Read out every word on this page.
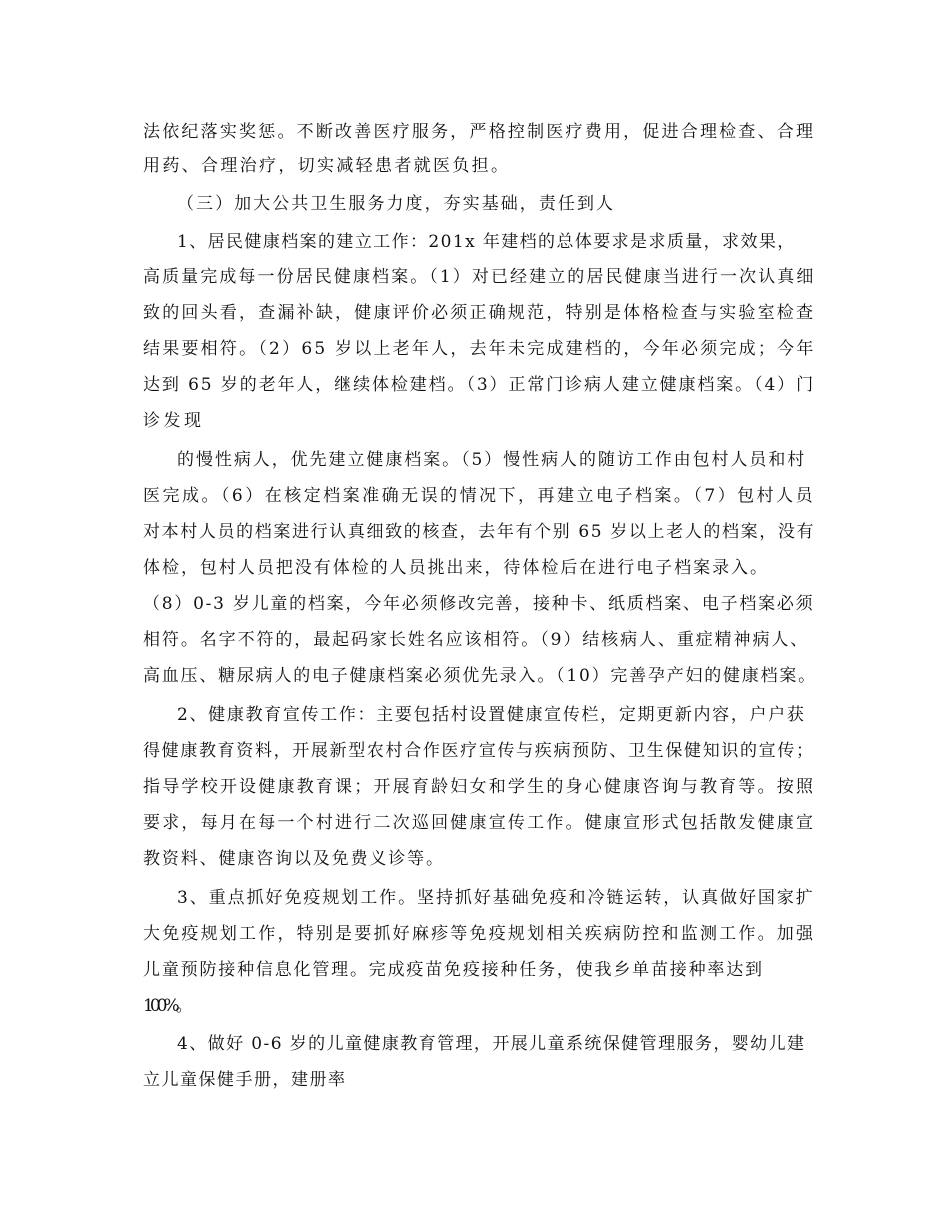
法依纪落实奖惩。不断改善医疗服务，严格控制医疗费用，促进合理检查、合理
用药、合理治疗，切实减轻患者就医负担。
（三）加大公共卫生服务力度，夯实基础，责任到人
1、居民健康档案的建立工作：201x 年建档的总体要求是求质量，求效果，
高质量完成每一份居民健康档案。（1）对已经建立的居民健康当进行一次认真细
致的回头看，查漏补缺，健康评价必须正确规范，特别是体格检查与实验室检查
结果要相符。（2）65 岁以上老年人，去年未完成建档的，今年必须完成；今年
达到 65 岁的老年人，继续体检建档。（3）正常门诊病人建立健康档案。（4）门
诊发现
的慢性病人，优先建立健康档案。（5）慢性病人的随访工作由包村人员和村
医完成。（6）在核定档案准确无误的情况下，再建立电子档案。（7）包村人员
对本村人员的档案进行认真细致的核查，去年有个别 65 岁以上老人的档案，没有
体检，包村人员把没有体检的人员挑出来，待体检后在进行电子档案录入。
（8）0-3 岁儿童的档案，今年必须修改完善，接种卡、纸质档案、电子档案必须
相符。名字不符的，最起码家长姓名应该相符。（9）结核病人、重症精神病人、
高血压、糖尿病人的电子健康档案必须优先录入。（10）完善孕产妇的健康档案。
2、健康教育宣传工作：主要包括村设置健康宣传栏，定期更新内容，户户获
得健康教育资料，开展新型农村合作医疗宣传与疾病预防、卫生保健知识的宣传；
指导学校开设健康教育课；开展育龄妇女和学生的身心健康咨询与教育等。按照
要求，每月在每一个村进行二次巡回健康宣传工作。健康宣形式包括散发健康宣
教资料、健康咨询以及免费义诊等。
3、重点抓好免疫规划工作。坚持抓好基础免疫和冷链运转，认真做好国家扩
大免疫规划工作，特别是要抓好麻疹等免疫规划相关疾病防控和监测工作。加强
儿童预防接种信息化管理。完成疫苗免疫接种任务，使我乡单苗接种率达到
100%。
4、做好 0-6 岁的儿童健康教育管理，开展儿童系统保健管理服务，婴幼儿建
立儿童保健手册，建册率
